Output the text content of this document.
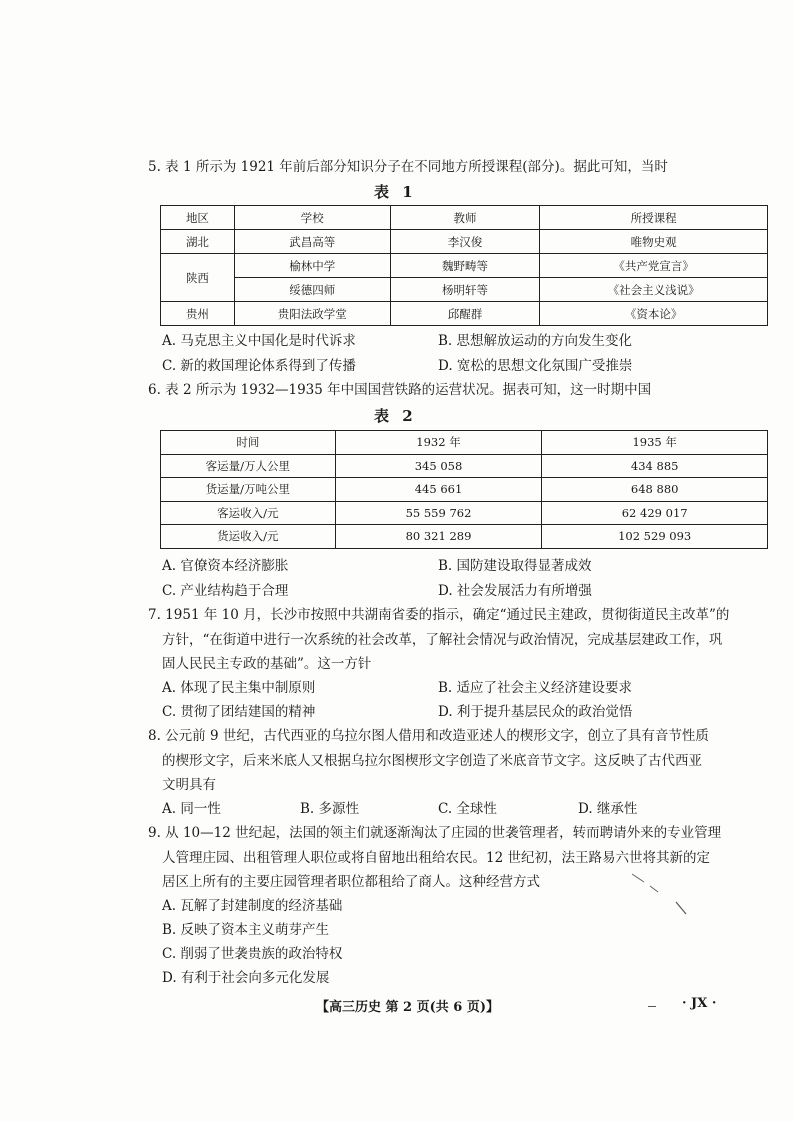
5. 表 1 所示为 1921 年前后部分知识分子在不同地方所授课程(部分)。据此可知，当时
表 1
地区	学校	教师	所授课程
湖北	武昌高等	李汉俊	唯物史观
陕西	榆林中学	魏野畴等	《共产党宣言》
	绥德四师	杨明轩等	《社会主义浅说》
贵州	贵阳法政学堂	邱醒群	《资本论》
A. 马克思主义中国化是时代诉求	B. 思想解放运动的方向发生变化
C. 新的救国理论体系得到了传播	D. 宽松的思想文化氛围广受推崇
6. 表 2 所示为 1932—1935 年中国国营铁路的运营状况。据表可知，这一时期中国
表 2
时间	1932 年	1935 年
客运量/万人公里	345 058	434 885
货运量/万吨公里	445 661	648 880
客运收入/元	55 559 762	62 429 017
货运收入/元	80 321 289	102 529 093
A. 官僚资本经济膨胀	B. 国防建设取得显著成效
C. 产业结构趋于合理	D. 社会发展活力有所增强
7. 1951 年 10 月，长沙市按照中共湖南省委的指示，确定“通过民主建政，贯彻街道民主改革”的
方针，“在街道中进行一次系统的社会改革，了解社会情况与政治情况，完成基层建政工作，巩
固人民民主专政的基础”。这一方针
A. 体现了民主集中制原则	B. 适应了社会主义经济建设要求
C. 贯彻了团结建国的精神	D. 利于提升基层民众的政治觉悟
8. 公元前 9 世纪，古代西亚的乌拉尔图人借用和改造亚述人的楔形文字，创立了具有音节性质
的楔形文字，后来米底人又根据乌拉尔图楔形文字创造了米底音节文字。这反映了古代西亚
文明具有
A. 同一性	B. 多源性	C. 全球性	D. 继承性
9. 从 10—12 世纪起，法国的领主们就逐渐淘汰了庄园的世袭管理者，转而聘请外来的专业管理
人管理庄园、出租管理人职位或将自留地出租给农民。12 世纪初，法王路易六世将其新的定
居区上所有的主要庄园管理者职位都租给了商人。这种经营方式
A. 瓦解了封建制度的经济基础
B. 反映了资本主义萌芽产生
C. 削弱了世袭贵族的政治特权
D. 有利于社会向多元化发展
【高三历史 第 2 页(共 6 页)】	· JX ·
